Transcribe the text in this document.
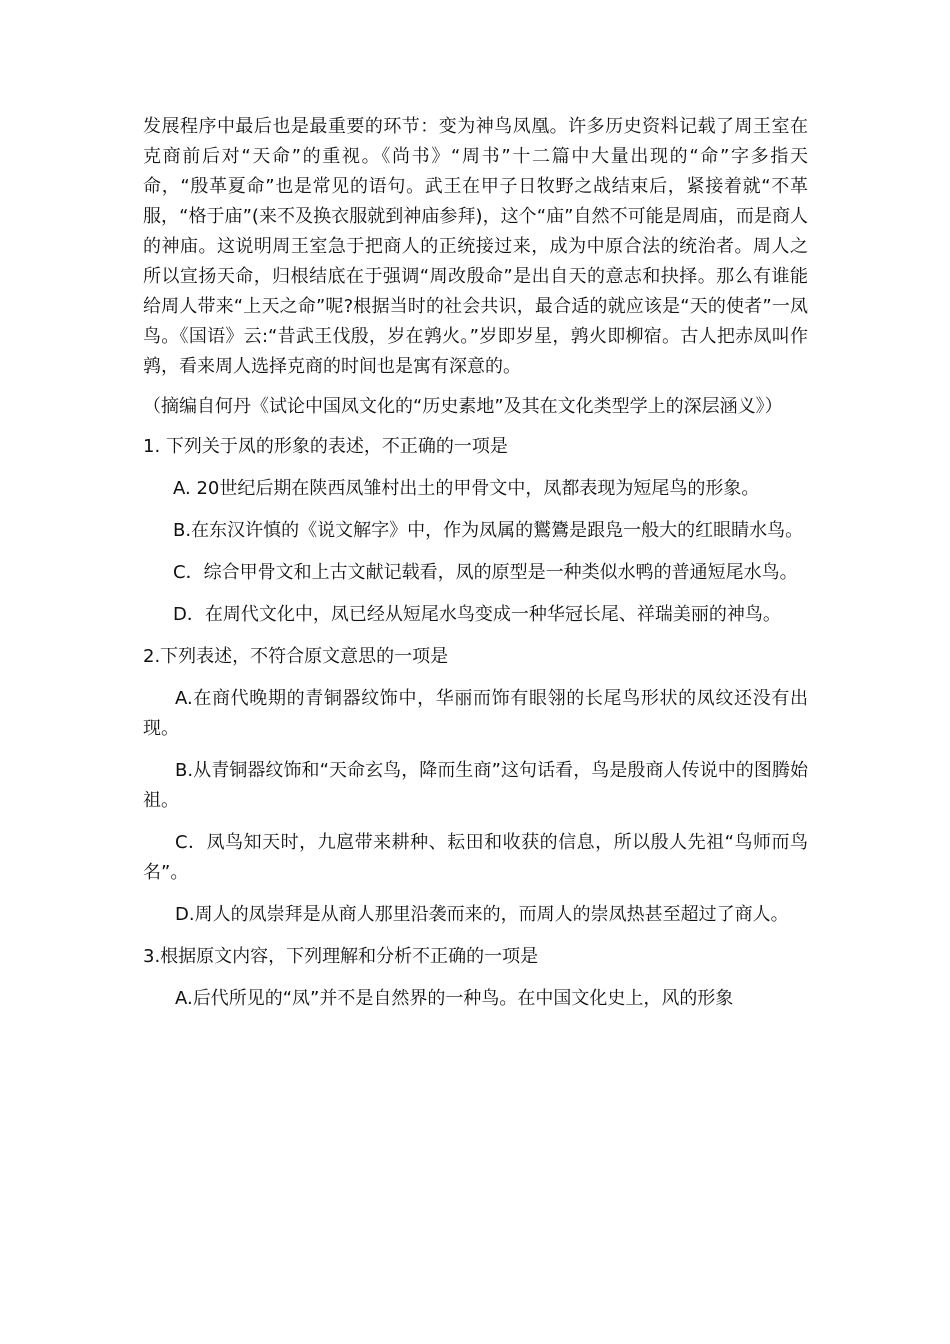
发展程序中最后也是最重要的环节：变为神鸟凤凰。许多历史资料记载了周王室在克商前后对“天命”的重视。《尚书》“周书”十二篇中大量出现的“命”字多指天命，“殷革夏命”也是常见的语句。武王在甲子日牧野之战结束后，紧接着就“不革服，“格于庙”(来不及换衣服就到神庙参拜)，这个“庙”自然不可能是周庙，而是商人的神庙。这说明周王室急于把商人的正统接过来，成为中原合法的统治者。周人之所以宣扬天命，归根结底在于强调“周改殷命”是出自天的意志和抉择。那么有谁能给周人带来“上天之命”呢?根据当时的社会共识，最合适的就应该是“天的使者”一凤鸟。《国语》云:“昔武王伐殷，岁在鹑火。”岁即岁星，鹑火即柳宿。古人把赤凤叫作鹑，看来周人选择克商的时间也是寓有深意的。

（摘编自何丹《试论中国凤文化的“历史素地”及其在文化类型学上的深层涵义》）

1. 下列关于凤的形象的表述，不正确的一项是

A. 20世纪后期在陕西凤雏村出土的甲骨文中，凤都表现为短尾鸟的形象。

B.在东汉许慎的《说文解字》中，作为凤属的鸑鷟是跟凫一般大的红眼睛水鸟。

C．综合甲骨文和上古文献记载看，凤的原型是一种类似水鸭的普通短尾水鸟。

D．在周代文化中，凤已经从短尾水鸟变成一种华冠长尾、祥瑞美丽的神鸟。

2.下列表述，不符合原文意思的一项是

A.在商代晚期的青铜器纹饰中，华丽而饰有眼翎的长尾鸟形状的凤纹还没有出现。

B.从青铜器纹饰和“天命玄鸟，降而生商”这句话看，鸟是殷商人传说中的图腾始祖。

C．凤鸟知天时，九扈带来耕种、耘田和收获的信息，所以殷人先祖“鸟师而鸟名”。

D.周人的凤崇拜是从商人那里沿袭而来的，而周人的崇凤热甚至超过了商人。

3.根据原文内容，下列理解和分析不正确的一项是

A.后代所见的“凤”并不是自然界的一种鸟。在中国文化史上，风的形象
